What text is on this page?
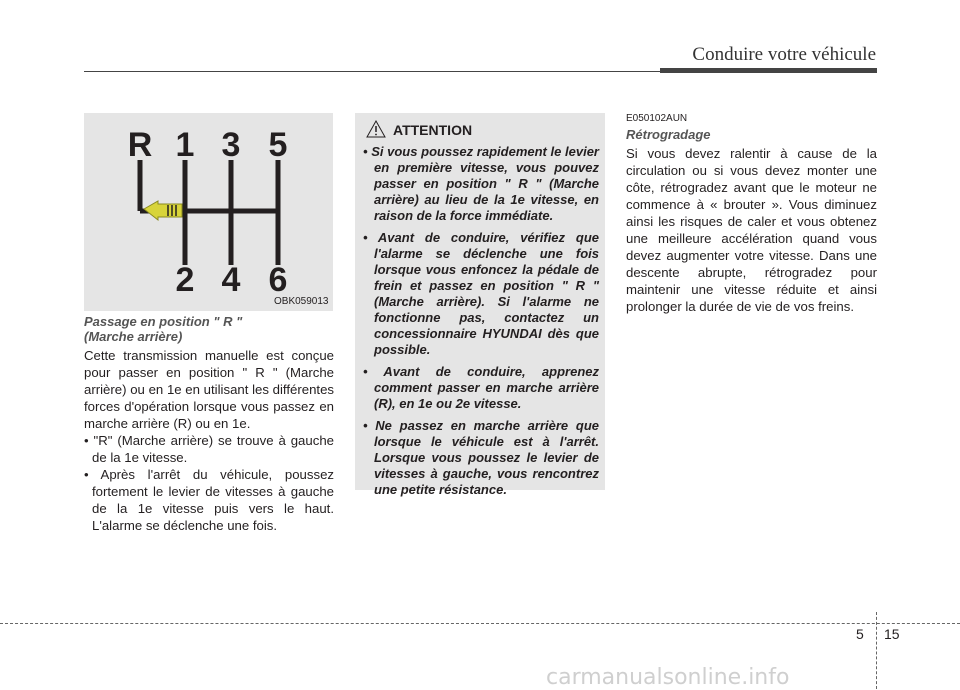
Conduire votre véhicule
R 1 3 5
2 4 6
OBK059013
Passage en position " R "
(Marche arrière)

Cette transmission manuelle est conçue pour passer en position " R " (Marche arrière) ou en 1e en utilisant les différentes forces d'opération lorsque vous passez en marche arrière (R) ou en 1e.

• "R" (Marche arrière) se trouve à gauche de la 1e vitesse.

• Après l'arrêt du véhicule, poussez fortement le levier de vitesses à gauche de la 1e vitesse puis vers le haut. L'alarme se déclenche une fois.

ATTENTION

• Si vous poussez rapidement le levier en première vitesse, vous pouvez passer en position " R " (Marche arrière) au lieu de la 1e vitesse, en raison de la force immédiate.

• Avant de conduire, vérifiez que l'alarme se déclenche une fois lorsque vous enfoncez la pédale de frein et passez en position " R " (Marche arrière). Si l'alarme ne fonctionne pas, contactez un concessionnaire HYUNDAI dès que possible.

• Avant de conduire, apprenez comment passer en marche arrière (R), en 1e ou 2e vitesse.

• Ne passez en marche arrière que lorsque le véhicule est à l'arrêt. Lorsque vous poussez le levier de vitesses à gauche, vous rencontrez une petite résistance.

E050102AUN
Rétrogradage

Si vous devez ralentir à cause de la circulation ou si vous devez monter une côte, rétrogradez avant que le moteur ne commence à « brouter ». Vous diminuez ainsi les risques de caler et vous obtenez une meilleure accélération quand vous devez augmenter votre vitesse. Dans une descente abrupte, rétrogradez pour maintenir une vitesse réduite et ainsi prolonger la durée de vie de vos freins.

5 15
carmanualsonline.info
